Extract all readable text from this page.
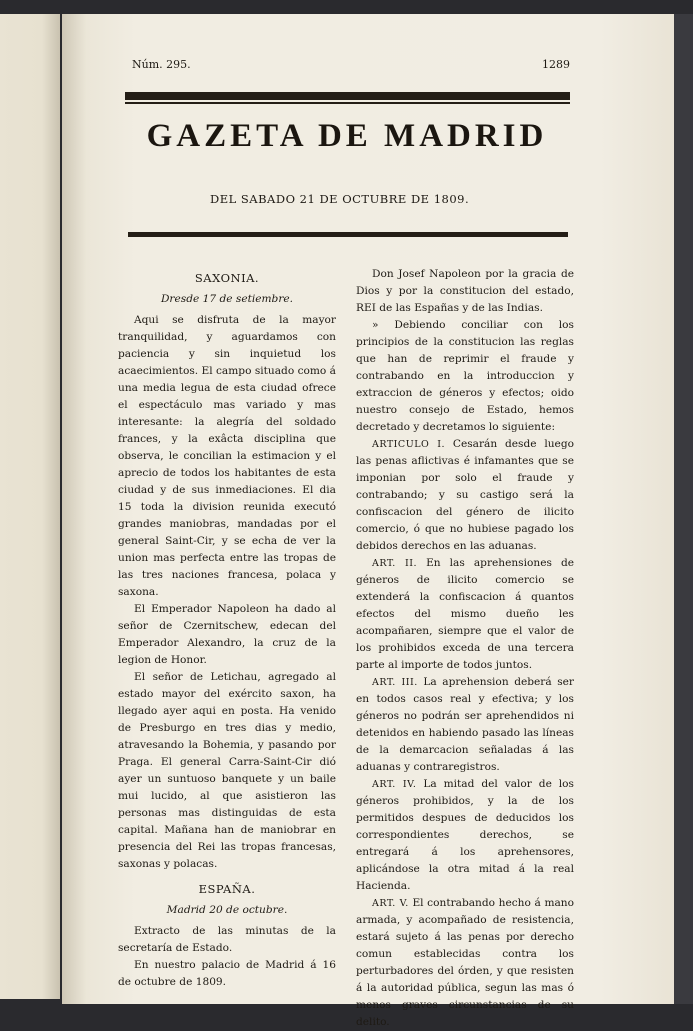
Núm. 295.	1289
GAZETA DE MADRID
DEL SABADO 21 DE OCTUBRE DE 1809.

SAXONIA.

Dresde 17 de setiembre.

Aqui se disfruta de la mayor tranquilidad, y aguardamos con paciencia y sin inquietud los acaecimientos. El campo situado como á una media legua de esta ciudad ofrece el espectáculo mas variado y mas interesante: la alegría del soldado frances, y la exâcta disciplina que observa, le concilian la estimacion y el aprecio de todos los habitantes de esta ciudad y de sus inmediaciones. El dia 15 toda la division reunida executó grandes maniobras, mandadas por el general Saint-Cir, y se echa de ver la union mas perfecta entre las tropas de las tres naciones francesa, polaca y saxona.

El Emperador Napoleon ha dado al señor de Czernitschew, edecan del Emperador Alexandro, la cruz de la legion de Honor.

El señor de Letichau, agregado al estado mayor del exército saxon, ha llegado ayer aqui en posta. Ha venido de Presburgo en tres dias y medio, atravesando la Bohemia, y pasando por Praga. El general Carra-Saint-Cir dió ayer un suntuoso banquete y un baile mui lucido, al que asistieron las personas mas distinguidas de esta capital. Mañana han de maniobrar en presencia del Rei las tropas francesas, saxonas y polacas.

ESPAÑA.

Madrid 20 de octubre.

Extracto de las minutas de la secretaría de Estado.

En nuestro palacio de Madrid á 16 de octubre de 1809.

Don Josef Napoleon por la gracia de Dios y por la constitucion del estado, REI de las Españas y de las Indias.

» Debiendo conciliar con los principios de la constitucion las reglas que han de reprimir el fraude y contrabando en la introduccion y extraccion de géneros y efectos; oido nuestro consejo de Estado, hemos decretado y decretamos lo siguiente:

ARTICULO I. Cesarán desde luego las penas aflictivas é infamantes que se imponian por solo el fraude y contrabando; y su castigo será la confiscacion del género de ilicito comercio, ó que no hubiese pagado los debidos derechos en las aduanas.

ART. II. En las aprehensiones de géneros de ilicito comercio se extenderá la confiscacion á quantos efectos del mismo dueño les acompañaren, siempre que el valor de los prohibidos exceda de una tercera parte al importe de todos juntos.

ART. III. La aprehension deberá ser en todos casos real y efectiva; y los géneros no podrán ser aprehendidos ni detenidos en habiendo pasado las líneas de la demarcacion señaladas á las aduanas y contraregistros.

ART. IV. La mitad del valor de los géneros prohibidos, y la de los permitidos despues de deducidos los correspondientes derechos, se entregará á los aprehensores, aplicándose la otra mitad á la real Hacienda.

ART. V. El contrabando hecho á mano armada, y acompañado de resistencia, estará sujeto á las penas por derecho comun establecidas contra los perturbadores del órden, y que resisten á la autoridad pública, segun las mas ó menos graves circunstancias de su delito.
